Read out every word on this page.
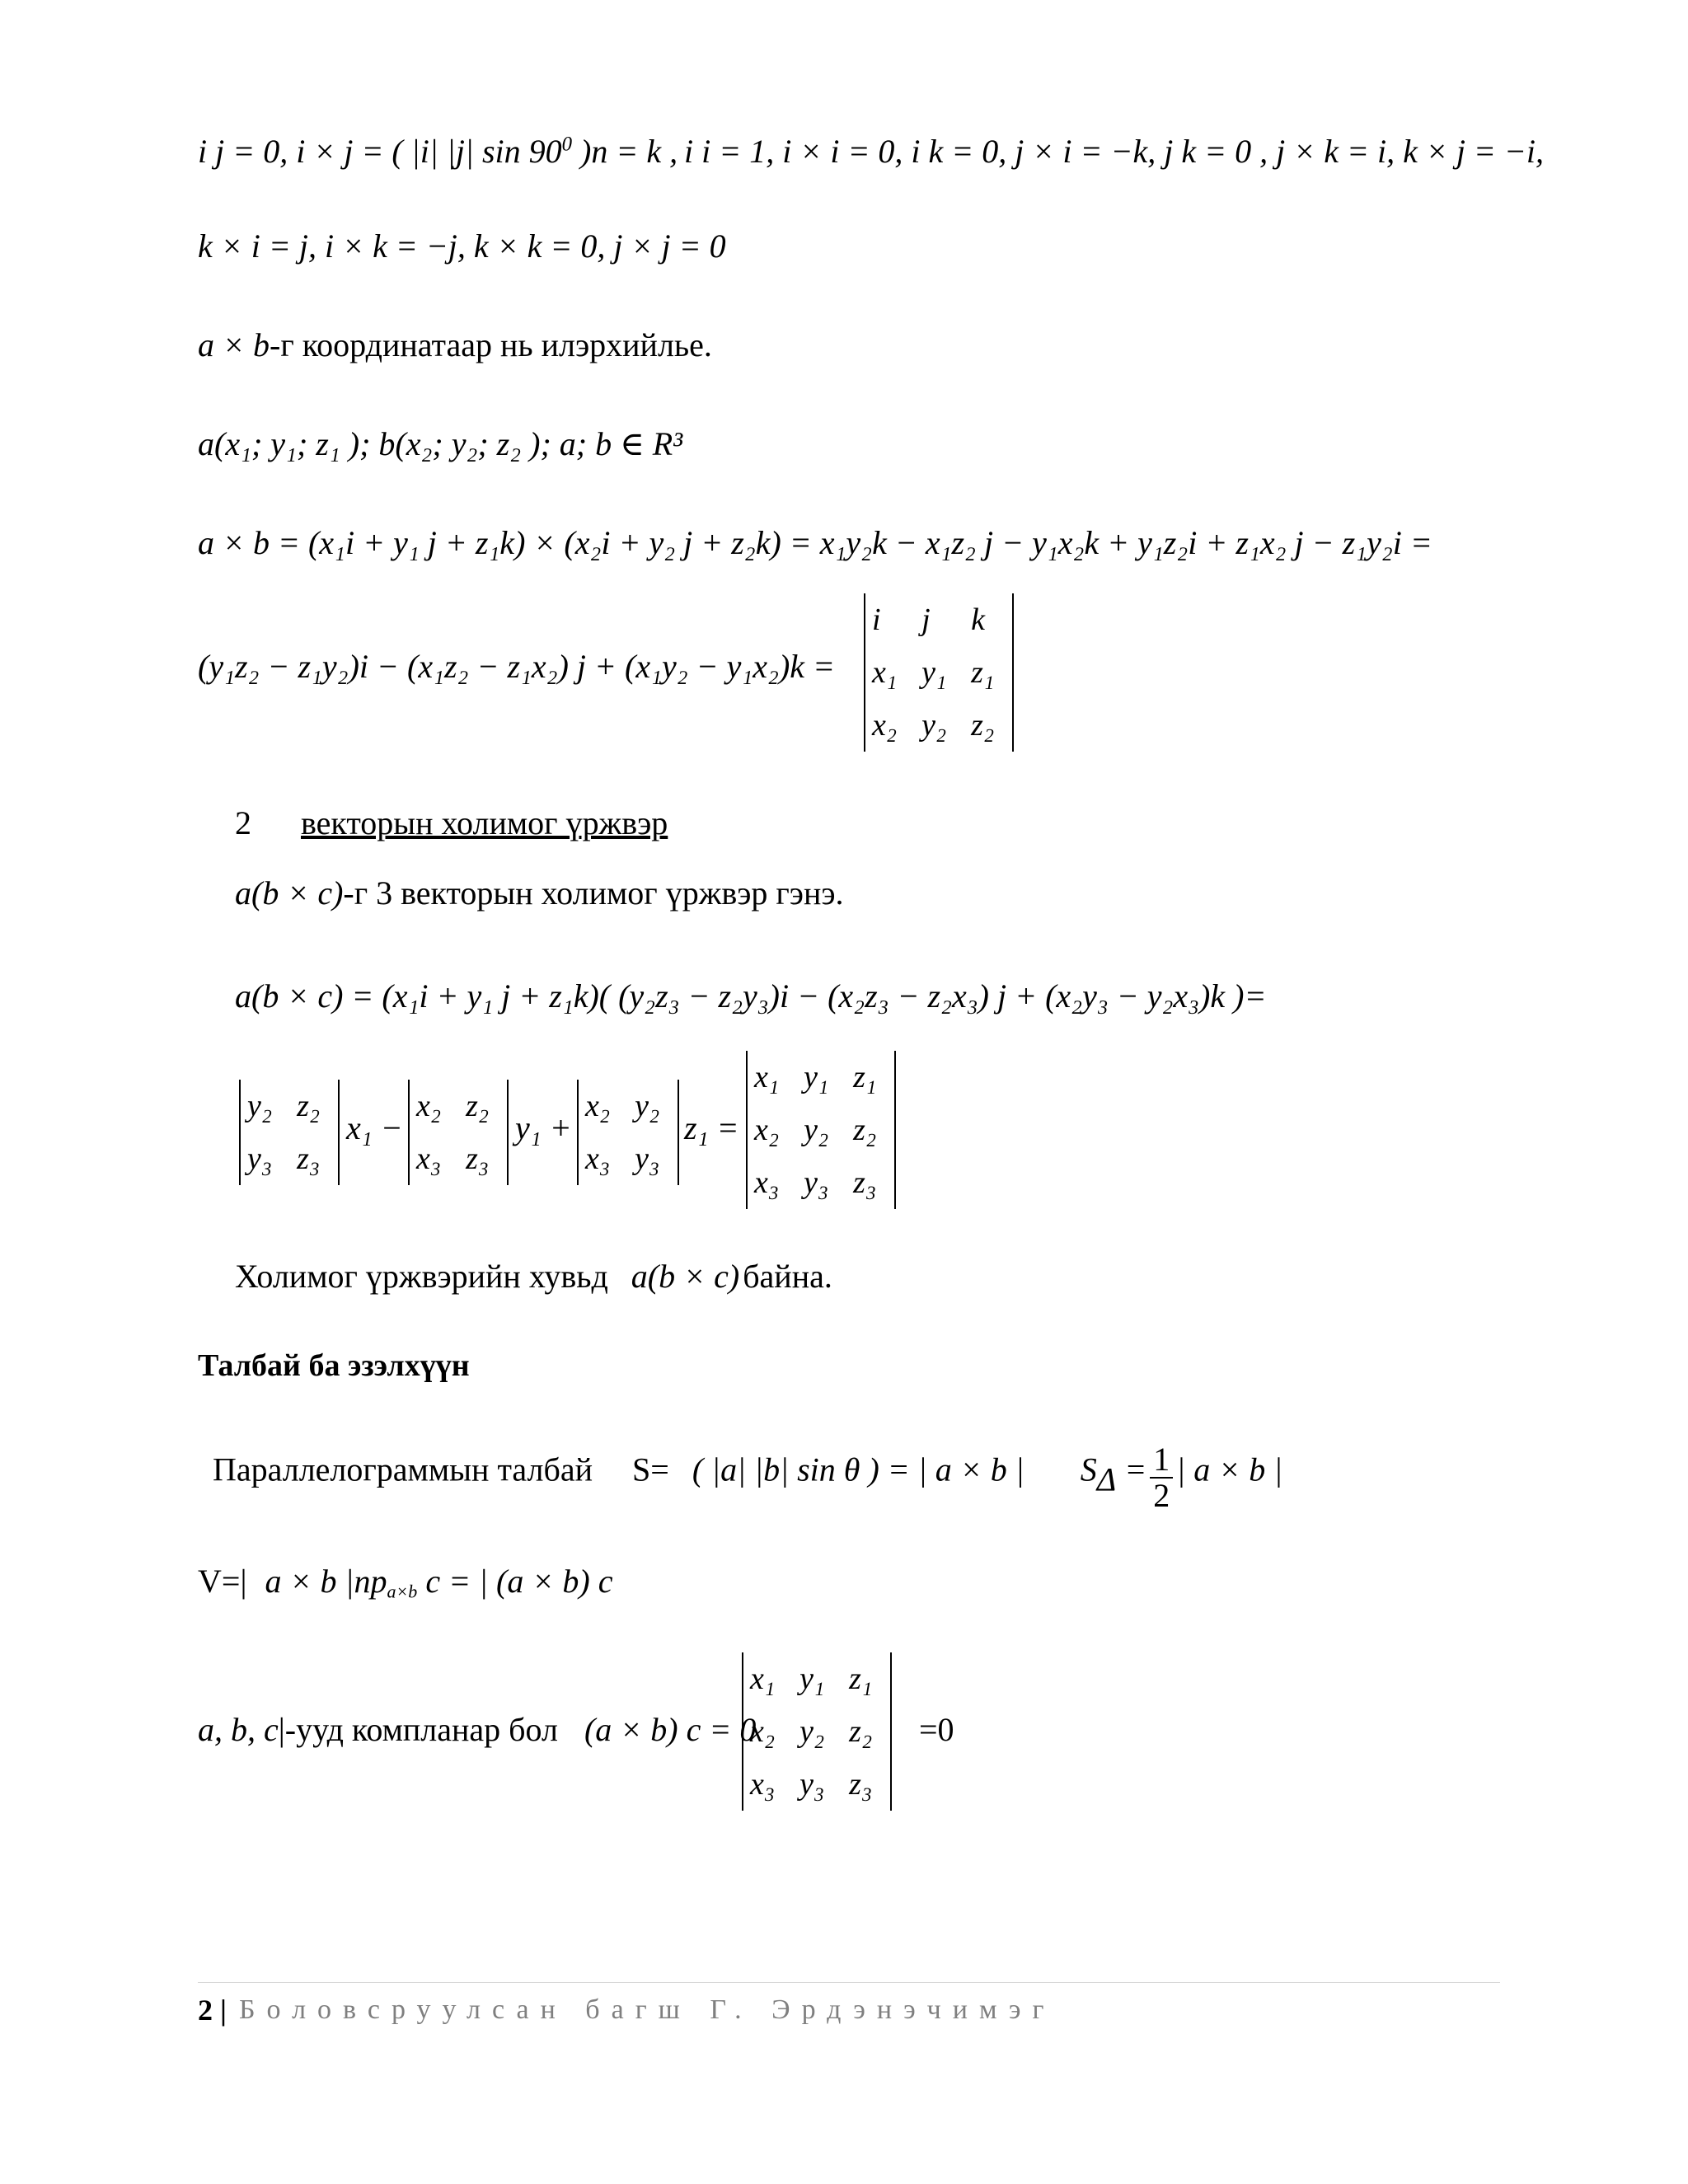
i j = 0, i × j = ( |i| |j| $\sin 90^0$ )n = k , i i = 1, i × i = 0, i k = 0, j × i = −k, j k = 0 , j × k = i, k × j = −i,
k × i = j, i × k = −j, k × k = 0, j × j = 0
a × b-г координатаар нь илэрхийлье.
a(x₁; y₁; z₁ ); b(x₂; y₂; z₂ ); a; b ∈ R³
a × b = (x₁i + y₁ j + z₁k) × (x₂i + y₂ j + z₂k) = x₁y₂k − x₁z₂ j − y₁x₂k + y₁z₂i + z₁x₂ j − z₁y₂i =
(y₁z₂ − z₁y₂)i − (x₁z₂ − z₁x₂) j + (x₁y₂ − y₁x₂)k =
i	j	k
x₁	y₁	z₁
x₂	y₂	z₂
2 векторын холимог үржвэр
a(b × c)-г 3 векторын холимог үржвэр гэнэ.
a(b × c) = (x₁i + y₁ j + z₁k)( (y₂z₃ − z₂y₃)i − (x₂z₃ − z₂x₃) j + (x₂y₃ − y₂x₃)k )=
y₂	z₂
y₃	z₃
x₁ −
x₂	z₂
x₃	z₃
y₁ +
x₂	y₂
x₃	y₃
z₁ =
x₁	y₁	z₁
x₂	y₂	z₂
x₃	y₃	z₃
Холимог үржвэрийн хувьд a(b × c) байна.
Талбай ба эзэлхүүн
Параллелограммын талбай S= ( |a| |b| sin θ ) = | a × b | $S_\Delta = \frac{1}{2}$ | a × b |
V=| a × b $|пр_{a\times b}$ c = | (a × b) c
a, b, c|-ууд компланар бол (a × b) c = 0
x₁	y₁	z₁
x₂	y₂	z₂
x₃	y₃	z₃
=0
2 | Боловсруулсан багш Г. Эрдэнэчимэг
